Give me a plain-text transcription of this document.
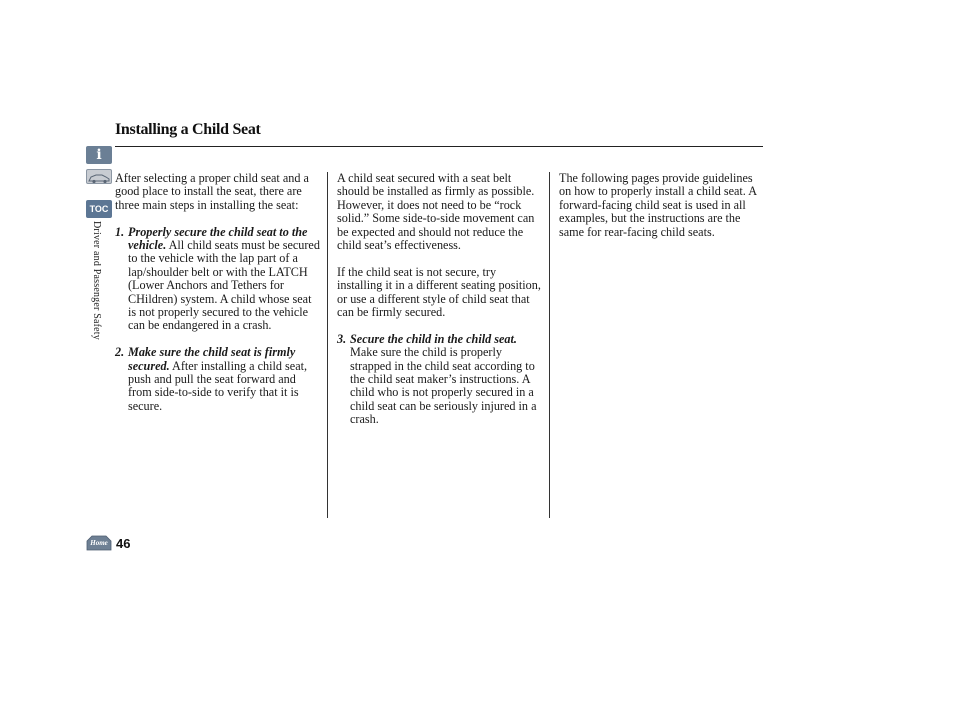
i
TOC
Driver and Passenger Safety
Installing a Child Seat

After selecting a proper child seat and a good place to install the seat, there are three main steps in installing the seat:

1. Properly secure the child seat to the vehicle. All child seats must be secured to the vehicle with the lap part of a lap/shoulder belt or with the LATCH (Lower Anchors and Tethers for CHildren) system. A child whose seat is not properly secured to the vehicle can be endangered in a crash.
2. Make sure the child seat is firmly secured. After installing a child seat, push and pull the seat forward and from side-to-side to verify that it is secure.

A child seat secured with a seat belt should be installed as firmly as possible. However, it does not need to be “rock solid.” Some side-to-side movement can be expected and should not reduce the child seat’s effectiveness.

If the child seat is not secure, try installing it in a different seating position, or use a different style of child seat that can be firmly secured.

3. Secure the child in the child seat. Make sure the child is properly strapped in the child seat according to the child seat maker’s instructions. A child who is not properly secured in a child seat can be seriously injured in a crash.

The following pages provide guidelines on how to properly install a child seat. A forward-facing child seat is used in all examples, but the instructions are the same for rear-facing child seats.

Home 46
